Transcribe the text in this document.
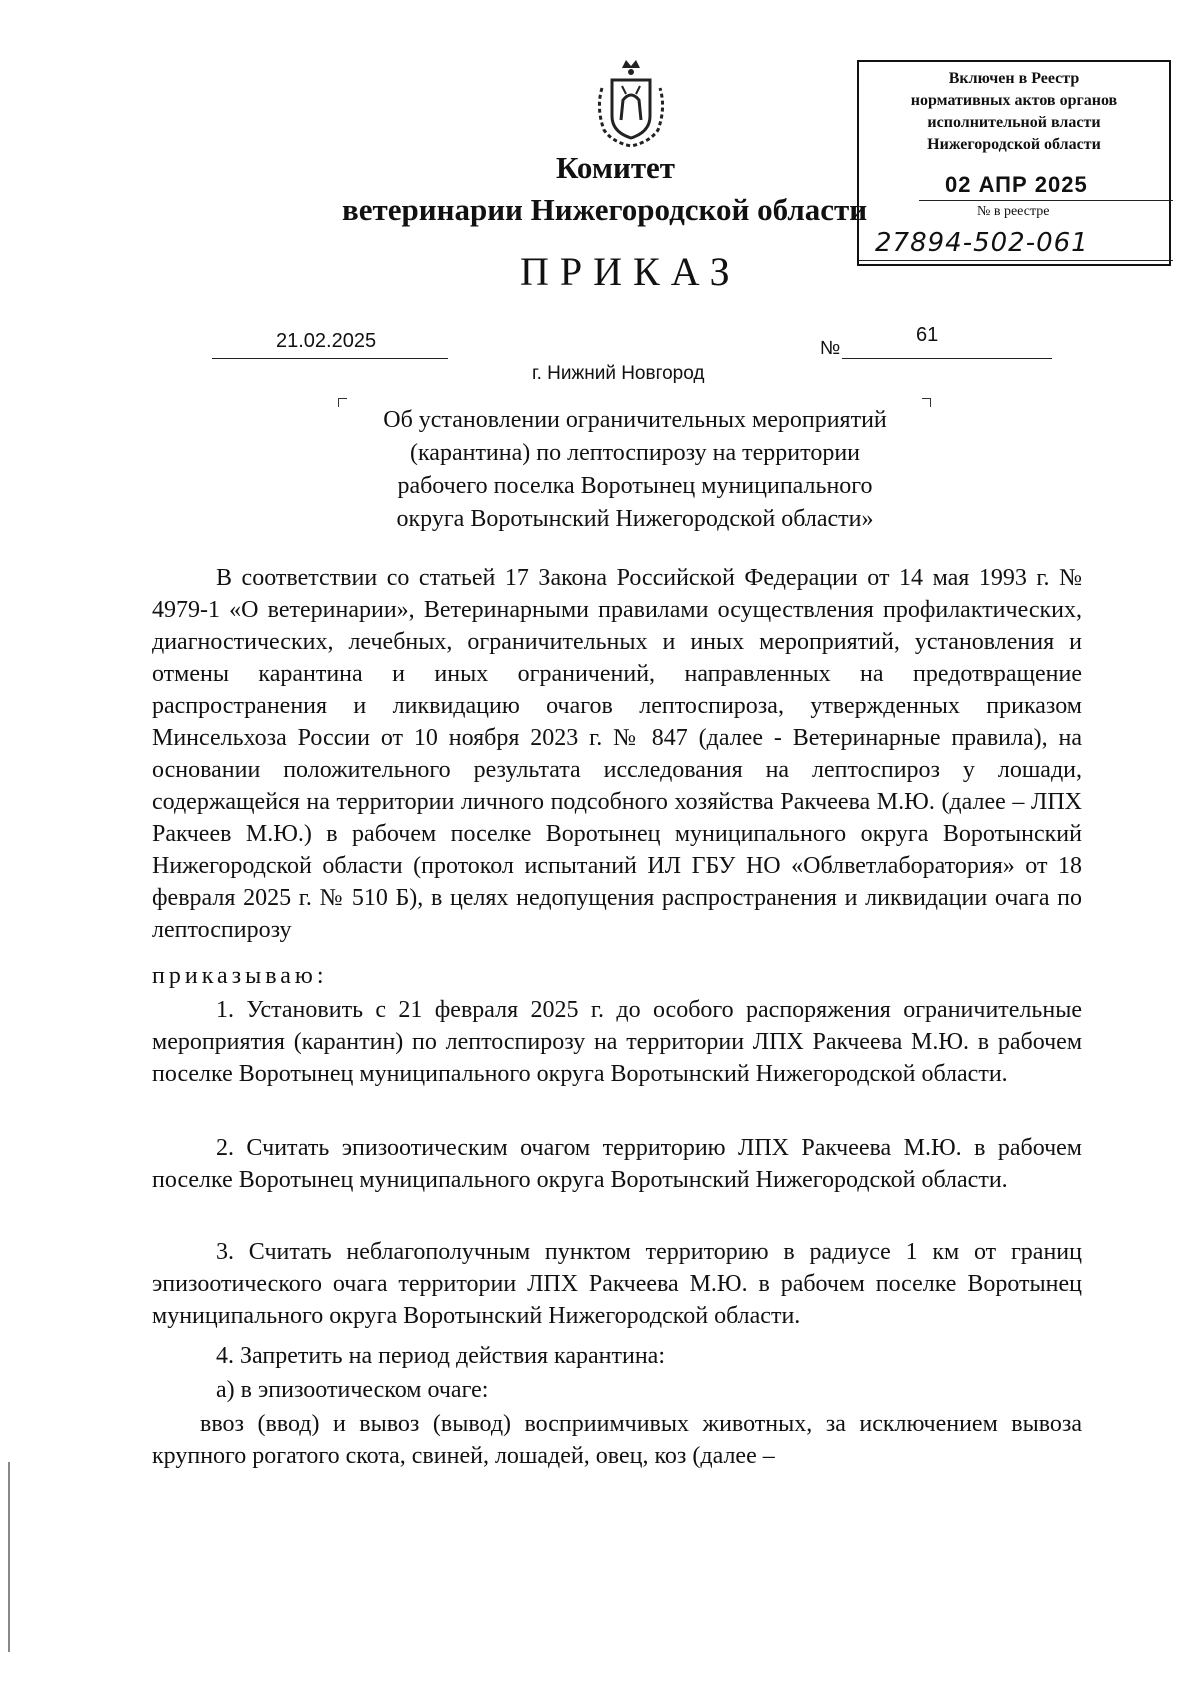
Комитет
ветеринарии Нижегородской области
ПРИКАЗ
Включен в Реестр
нормативных актов органов
исполнительной власти
Нижегородской области
02 АПР 2025
№ в реестре
27894-502-061
21.02.2025	№
61
г. Нижний Новгород
Об установлении ограничительных мероприятий
(карантина) по лептоспирозу на территории
рабочего поселка Воротынец муниципального
округа Воротынский Нижегородской области»
В соответствии со статьей 17 Закона Российской Федерации от 14 мая 1993 г. № 4979-1 «О ветеринарии», Ветеринарными правилами осуществления профилактических, диагностических, лечебных, ограничительных и иных мероприятий, установления и отмены карантина и иных ограничений, направленных на предотвращение распространения и ликвидацию очагов лептоспироза, утвержденных приказом Минсельхоза России от 10 ноября 2023 г. № 847 (далее - Ветеринарные правила), на основании положительного результата исследования на лептоспироз у лошади, содержащейся на территории личного подсобного хозяйства Ракчеева М.Ю. (далее – ЛПХ Ракчеев М.Ю.) в рабочем поселке Воротынец муниципального округа Воротынский Нижегородской области (протокол испытаний ИЛ ГБУ НО «Облветлаборатория» от 18 февраля 2025 г. № 510 Б), в целях недопущения распространения и ликвидации очага по лептоспирозу
приказываю:
1. Установить с 21 февраля 2025 г. до особого распоряжения ограничительные мероприятия (карантин) по лептоспирозу на территории ЛПХ Ракчеева М.Ю. в рабочем поселке Воротынец муниципального округа Воротынский Нижегородской области.
2. Считать эпизоотическим очагом территорию ЛПХ Ракчеева М.Ю. в рабочем поселке Воротынец муниципального округа Воротынский Нижегородской области.
3. Считать неблагополучным пунктом территорию в радиусе 1 км от границ эпизоотического очага территории ЛПХ Ракчеева М.Ю. в рабочем поселке Воротынец муниципального округа Воротынский Нижегородской области.
4. Запретить на период действия карантина:
а) в эпизоотическом очаге:
ввоз (ввод) и вывоз (вывод) восприимчивых животных, за исключением вывоза крупного рогатого скота, свиней, лошадей, овец, коз (далее –
